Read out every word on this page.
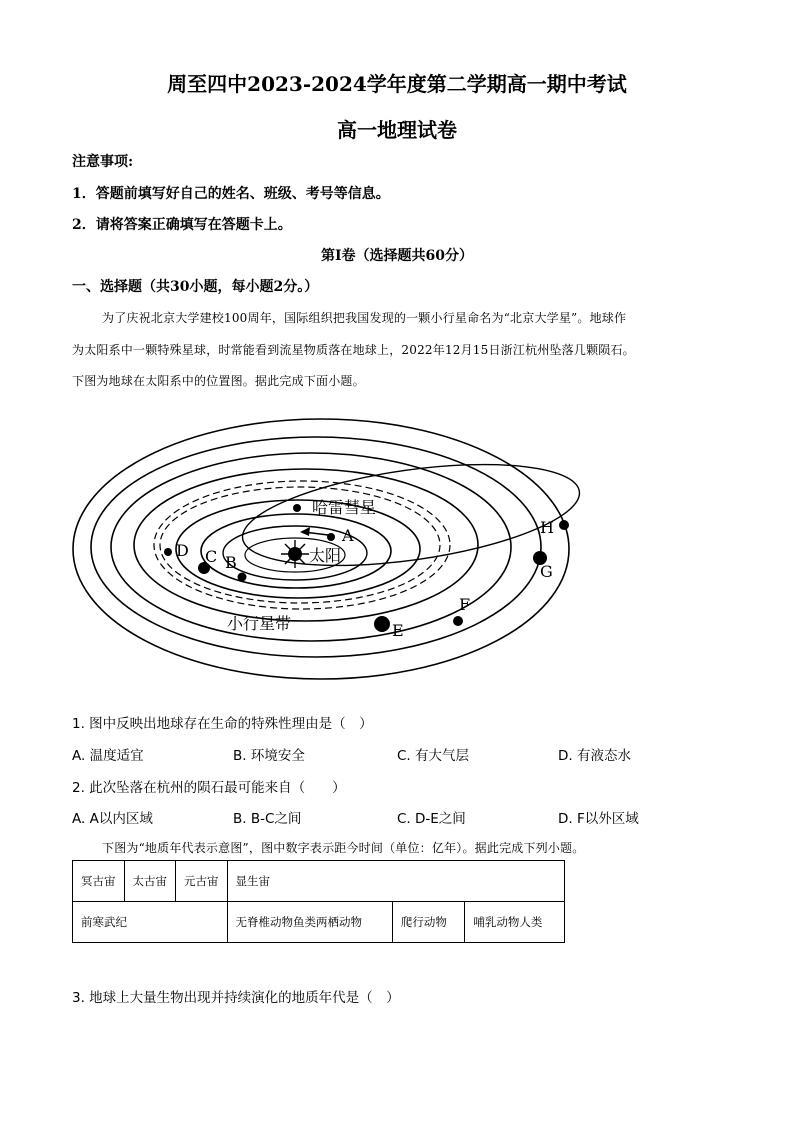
周至四中2023-2024学年度第二学期高一期中考试
高一地理试卷
注意事项:
1．答题前填写好自己的姓名、班级、考号等信息。
2．请将答案正确填写在答题卡上。
第I卷（选择题共60分）
一、选择题（共30小题，每小题2分。）
为了庆祝北京大学建校100周年，国际组织把我国发现的一颗小行星命名为“北京大学星”。地球作
为太阳系中一颗特殊星球，时常能看到流星物质落在地球上，2022年12月15日浙江杭州坠落几颗陨石。
下图为地球在太阳系中的位置图。据此完成下面小题。
哈雷彗星
太阳
小行星带
A
B
C
D
E
F
G
H
1. 图中反映出地球存在生命的特殊性理由是（　）
A. 温度适宜	B. 环境安全	C. 有大气层	D. 有液态水
2. 此次坠落在杭州的陨石最可能来自（　　）
A. A以内区域	B. B-C之间	C. D-E之间	D. F以外区域
下图为“地质年代表示意图”，图中数字表示距今时间（单位：亿年）。据此完成下列小题。
冥古宙	太古宙	元古宙	显生宙		
前寒武纪			无脊椎动物鱼类两栖动物	爬行动物	哺乳动物人类
3. 地球上大量生物出现并持续演化的地质年代是（　）
